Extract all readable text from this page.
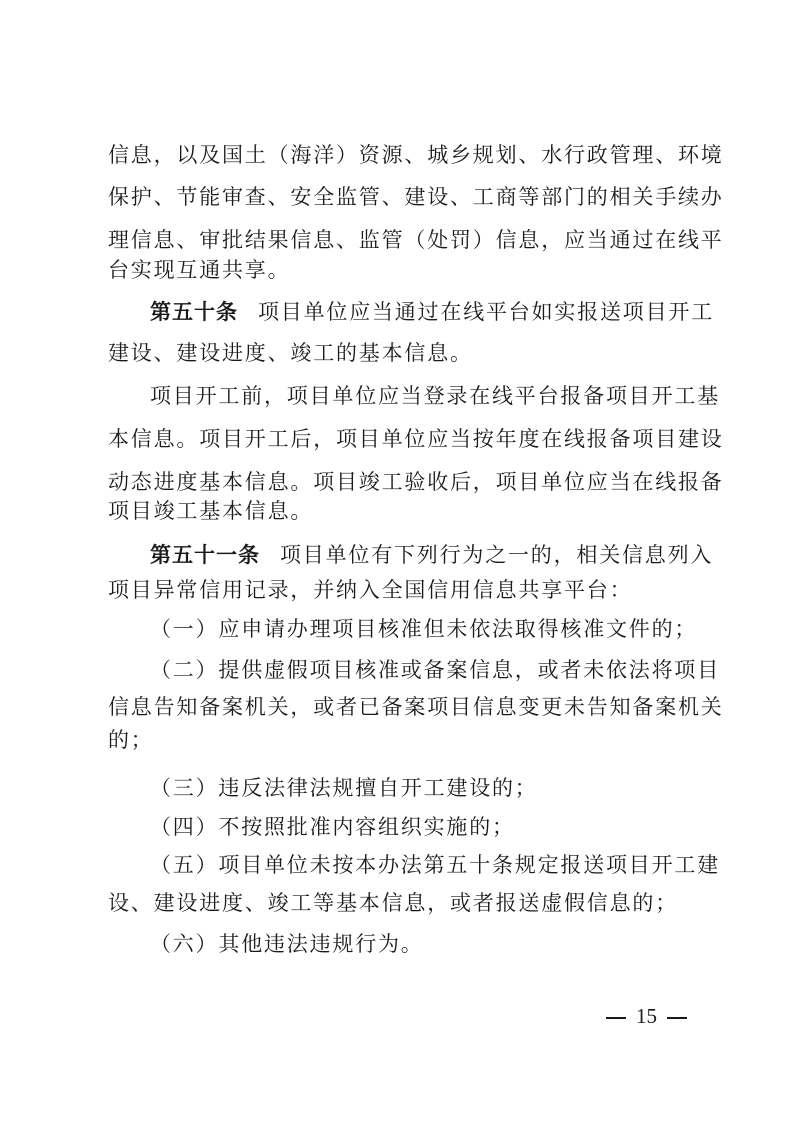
信息，以及国土（海洋）资源、城乡规划、水行政管理、环境
保护、节能审查、安全监管、建设、工商等部门的相关手续办
理信息、审批结果信息、监管（处罚）信息，应当通过在线平
台实现互通共享。
第五十条 项目单位应当通过在线平台如实报送项目开工
建设、建设进度、竣工的基本信息。
项目开工前，项目单位应当登录在线平台报备项目开工基
本信息。项目开工后，项目单位应当按年度在线报备项目建设
动态进度基本信息。项目竣工验收后，项目单位应当在线报备
项目竣工基本信息。
第五十一条 项目单位有下列行为之一的，相关信息列入
项目异常信用记录，并纳入全国信用信息共享平台：
（一）应申请办理项目核准但未依法取得核准文件的；
（二）提供虚假项目核准或备案信息，或者未依法将项目
信息告知备案机关，或者已备案项目信息变更未告知备案机关
的；
（三）违反法律法规擅自开工建设的；
（四）不按照批准内容组织实施的；
（五）项目单位未按本办法第五十条规定报送项目开工建
设、建设进度、竣工等基本信息，或者报送虚假信息的；
（六）其他违法违规行为。
15
